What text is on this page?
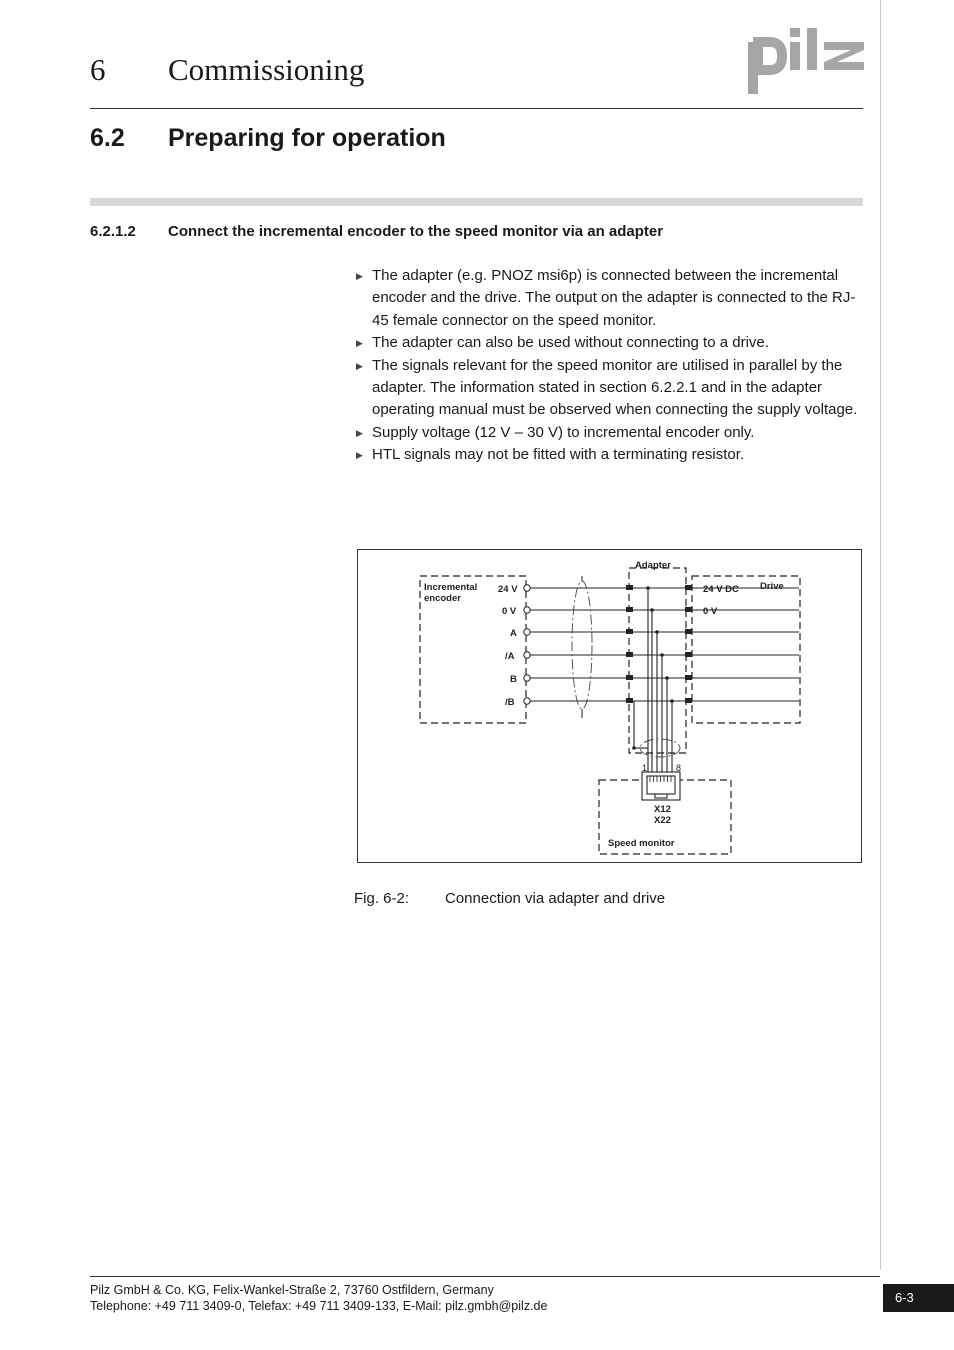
6 Commissioning
6.2 Preparing for operation
6.2.1.2 Connect the incremental encoder to the speed monitor via an adapter
▶ The adapter (e.g. PNOZ msi6p) is connected between the incremental encoder and the drive. The output on the adapter is connected to the RJ-45 female connector on the speed monitor.
▶ The adapter can also be used without connecting to a drive.
▶ The signals relevant for the speed monitor are utilised in parallel by the adapter. The information stated in section 6.2.2.1 and in the adapter operating manual must be observed when connecting the supply voltage.
▶ Supply voltage (12 V – 30 V) to incremental encoder only.
▶ HTL signals may not be fitted with a terminating resistor.
Adapter
Incremental
encoder
Drive
24 V
0 V
A
/A
B
/B
24 V DC
0 V
X12
X22
Speed monitor
1	8
Fig. 6-2: Connection via adapter and drive
Pilz GmbH & Co. KG, Felix-Wankel-Straße 2, 73760 Ostfildern, Germany
Telephone: +49 711 3409-0, Telefax: +49 711 3409-133, E-Mail: pilz.gmbh@pilz.de
6-3
